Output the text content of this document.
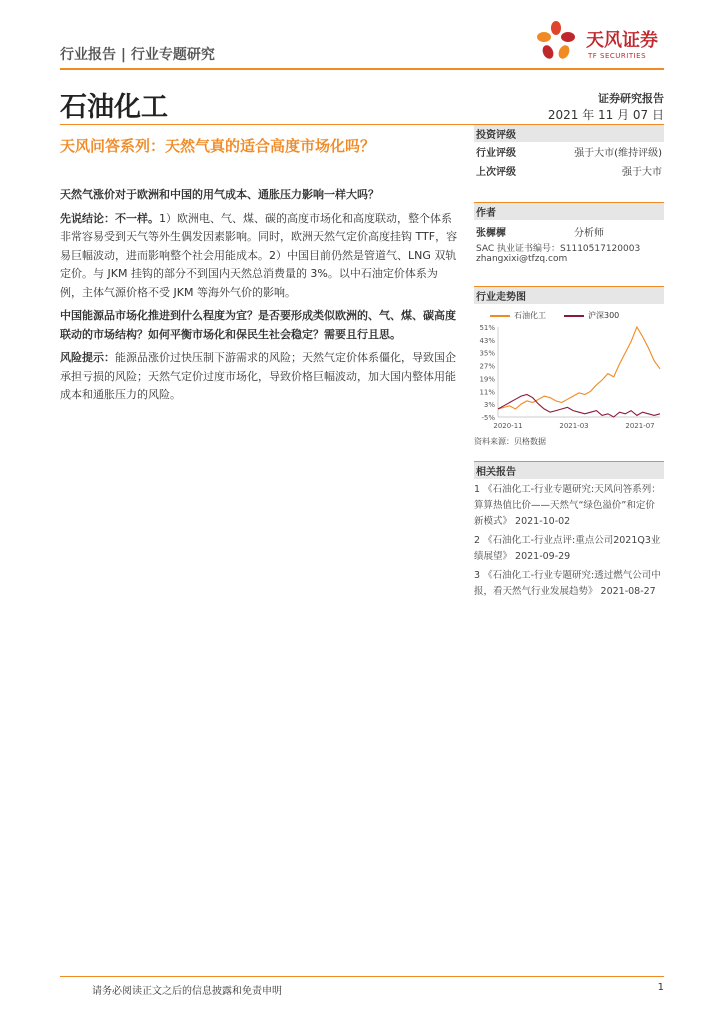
行业报告 | 行业专题研究
天风证券
TF SECURITIES
石油化工	证券研究报告
2021 年 11 月 07 日
天风问答系列：天然气真的适合高度市场化吗？

天然气涨价对于欧洲和中国的用气成本、通胀压力影响一样大吗？

先说结论：不一样。1）欧洲电、气、煤、碳的高度市场化和高度联动，整个体系非常容易受到天气等外生偶发因素影响。同时，欧洲天然气定价高度挂钩 TTF，容易巨幅波动，进而影响整个社会用能成本。2）中国目前仍然是管道气、LNG 双轨定价。与 JKM 挂钩的部分不到国内天然总消费量的 3%。以中石油定价体系为例，主体气源价格不受 JKM 等海外气价的影响。

中国能源品市场化推进到什么程度为宜？是否要形成类似欧洲的、气、煤、碳高度联动的市场结构？如何平衡市场化和保民生社会稳定？需要且行且思。

风险提示：能源品涨价过快压制下游需求的风险；天然气定价体系僵化，导致国企承担亏损的风险；天然气定价过度市场化，导致价格巨幅波动，加大国内整体用能成本和通胀压力的风险。

投资评级
行业评级	强于大市(维持评级)
上次评级	强于大市
作者
张樨樨	分析师
SAC 执业证书编号：S1110517120003
zhangxixi@tfzq.com
行业走势图
石油化工	沪深300
51%
43%
35%
27%
19%
11%
3%
-5%
2020-11	2021-03	2021-07
资料来源：贝格数据
相关报告
1 《石油化工-行业专题研究:天风问答系列：算算热值比价——天然气“绿色溢价”和定价新模式》 2021-10-02
2 《石油化工-行业点评:重点公司2021Q3业绩展望》 2021-09-29
3 《石油化工-行业专题研究:透过燃气公司中报，看天然气行业发展趋势》 2021-08-27
请务必阅读正文之后的信息披露和免责申明	1
